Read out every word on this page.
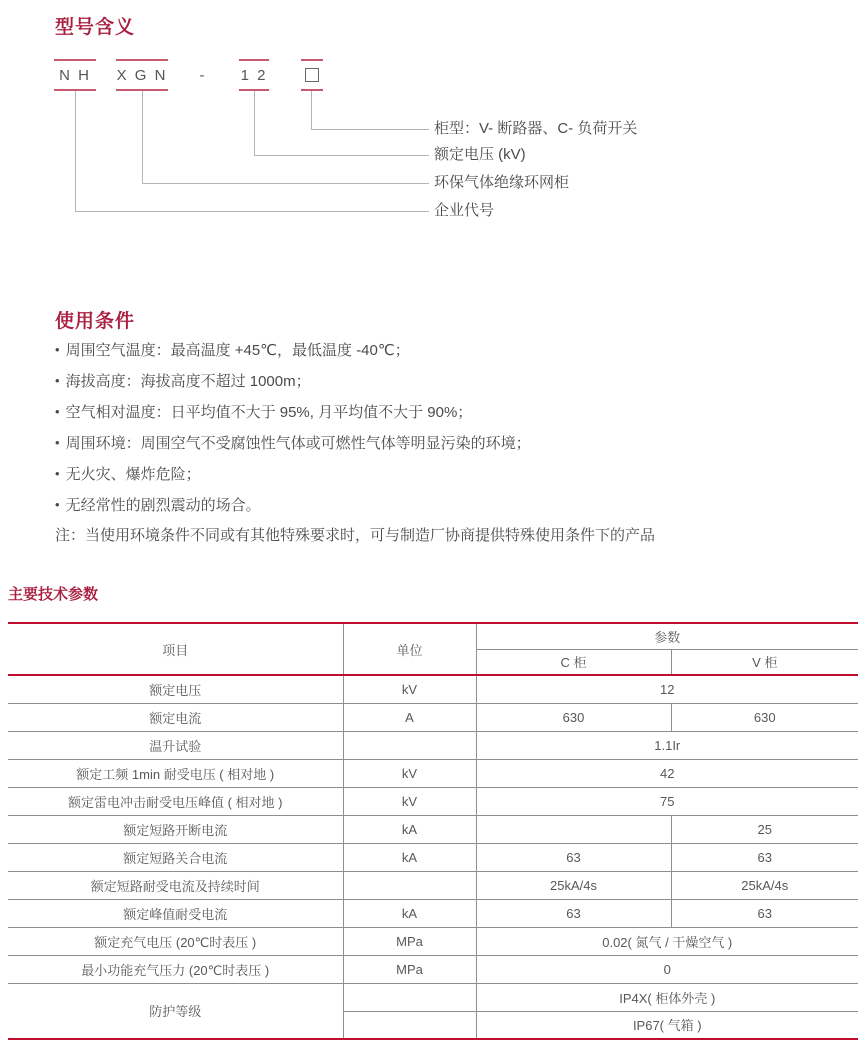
型号含义
N H	X G N - 1 2
柜型：V- 断路器、C- 负荷开关
额定电压 (kV)
环保气体绝缘环网柜
企业代号
使用条件
• 周围空气温度：最高温度 +45℃，最低温度 -40℃；
• 海拔高度：海拔高度不超过 1000m；
• 空气相对温度：日平均值不大于 95%, 月平均值不大于 90%；
• 周围环境：周围空气不受腐蚀性气体或可燃性气体等明显污染的环境；
• 无火灾、爆炸危险；
• 无经常性的剧烈震动的场合。
注：当使用环境条件不同或有其他特殊要求时，可与制造厂协商提供特殊使用条件下的产品
主要技术参数
项目	单位	参数	
		C 柜	V 柜
额定电压	kV	12	
额定电流	A	630	630
温升试验		1.1Ir	
额定工频 1min 耐受电压 ( 相对地 )	kV	42	
额定雷电冲击耐受电压峰值 ( 相对地 )	kV	75	
额定短路开断电流	kA		25
额定短路关合电流	kA	63	63
额定短路耐受电流及持续时间		25kA/4s	25kA/4s
额定峰值耐受电流	kA	63	63
额定充气电压 (20℃时表压 )	MPa	0.02( 氮气 / 干燥空气 )	
最小功能充气压力 (20℃时表压 )	MPa	0	
防护等级		IP4X( 柜体外壳 )	
		IP67( 气箱 )	
